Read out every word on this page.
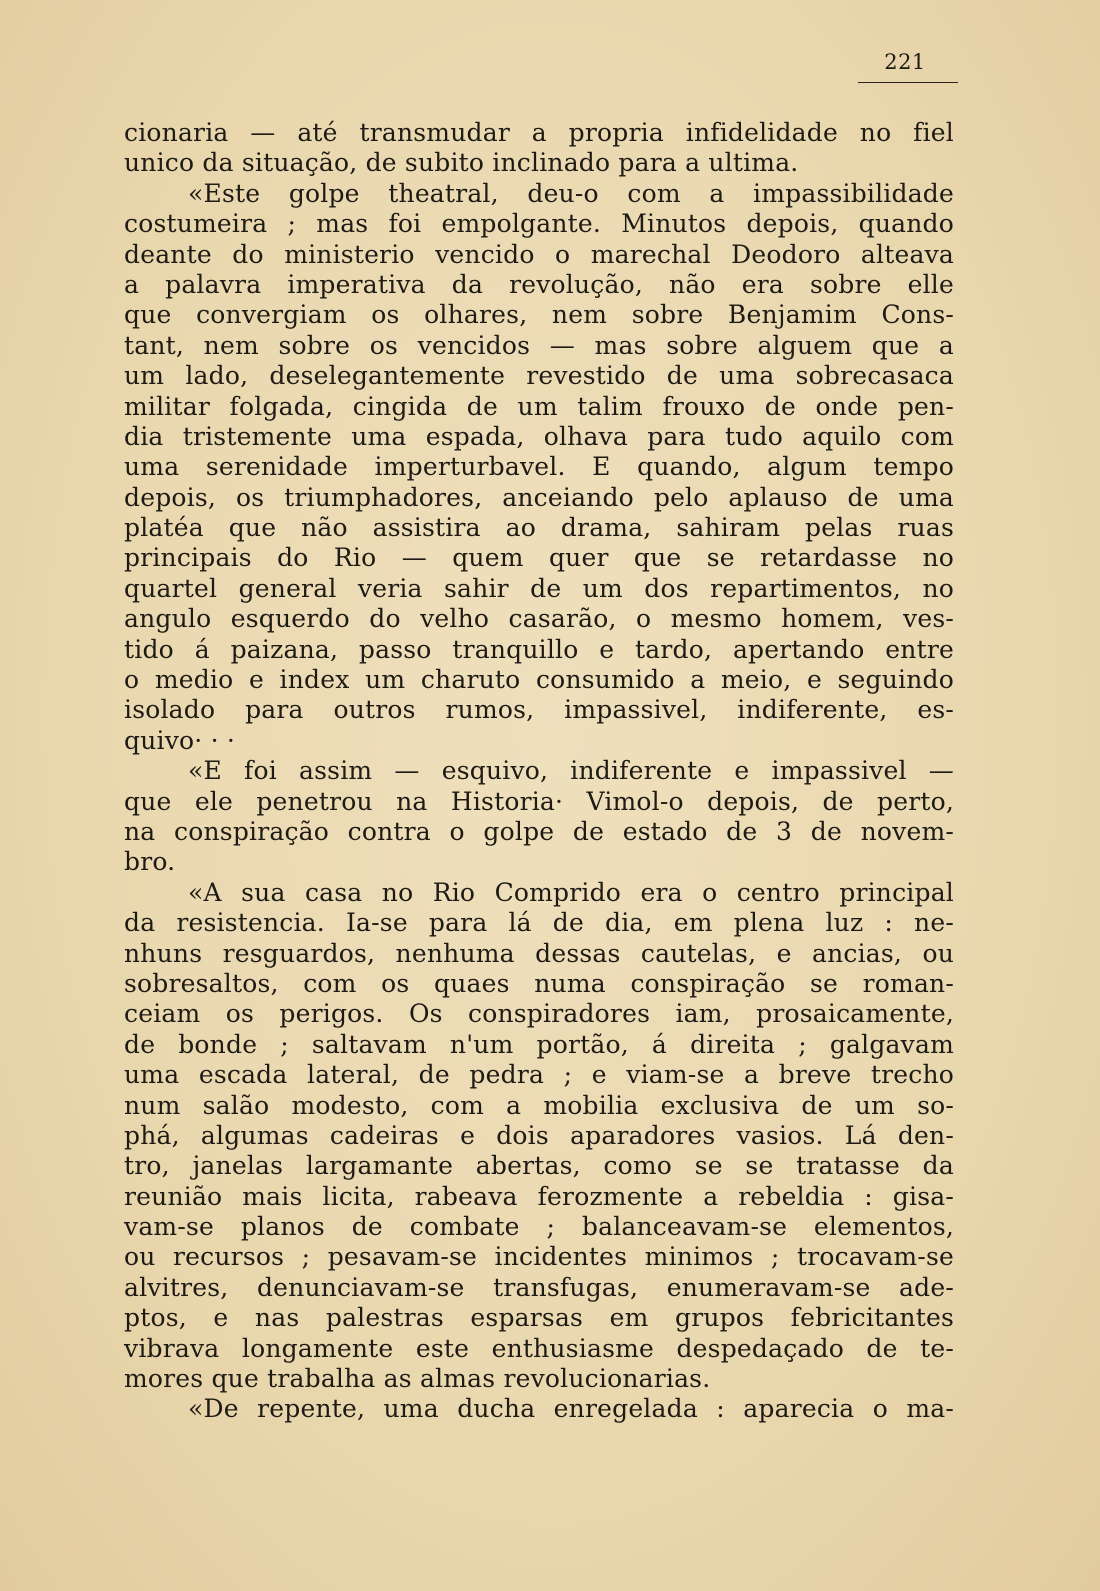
221
cionaria — até transmudar a propria infidelidade no fiel
unico da situação, de subito inclinado para a ultima.
«Este golpe theatral, deu-o com a impassibilidade
costumeira ; mas foi empolgante. Minutos depois, quando
deante do ministerio vencido o marechal Deodoro alteava
a palavra imperativa da revolução, não era sobre elle
que convergiam os olhares, nem sobre Benjamim Cons-
tant, nem sobre os vencidos — mas sobre alguem que a
um lado, deselegantemente revestido de uma sobrecasaca
militar folgada, cingida de um talim frouxo de onde pen-
dia tristemente uma espada, olhava para tudo aquilo com
uma serenidade imperturbavel. E quando, algum tempo
depois, os triumphadores, anceiando pelo aplauso de uma
platéa que não assistira ao drama, sahiram pelas ruas
principais do Rio — quem quer que se retardasse no
quartel general veria sahir de um dos repartimentos, no
angulo esquerdo do velho casarão, o mesmo homem, ves-
tido á paizana, passo tranquillo e tardo, apertando entre
o medio e index um charuto consumido a meio, e seguindo
isolado para outros rumos, impassivel, indiferente, es-
quivo· · ·
«E foi assim — esquivo, indiferente e impassivel —
que ele penetrou na Historia· Vimol-o depois, de perto,
na conspiração contra o golpe de estado de 3 de novem-
bro.
«A sua casa no Rio Comprido era o centro principal
da resistencia. Ia-se para lá de dia, em plena luz : ne-
nhuns resguardos, nenhuma dessas cautelas, e ancias, ou
sobresaltos, com os quaes numa conspiração se roman-
ceiam os perigos. Os conspiradores iam, prosaicamente,
de bonde ; saltavam n'um portão, á direita ; galgavam
uma escada lateral, de pedra ; e viam-se a breve trecho
num salão modesto, com a mobilia exclusiva de um so-
phá, algumas cadeiras e dois aparadores vasios. Lá den-
tro, janelas largamante abertas, como se se tratasse da
reunião mais licita, rabeava ferozmente a rebeldia : gisa-
vam-se planos de combate ; balanceavam-se elementos,
ou recursos ; pesavam-se incidentes minimos ; trocavam-se
alvitres, denunciavam-se transfugas, enumeravam-se ade-
ptos, e nas palestras esparsas em grupos febricitantes
vibrava longamente este enthusiasme despedaçado de te-
mores que trabalha as almas revolucionarias.
«De repente, uma ducha enregelada : aparecia o ma-
